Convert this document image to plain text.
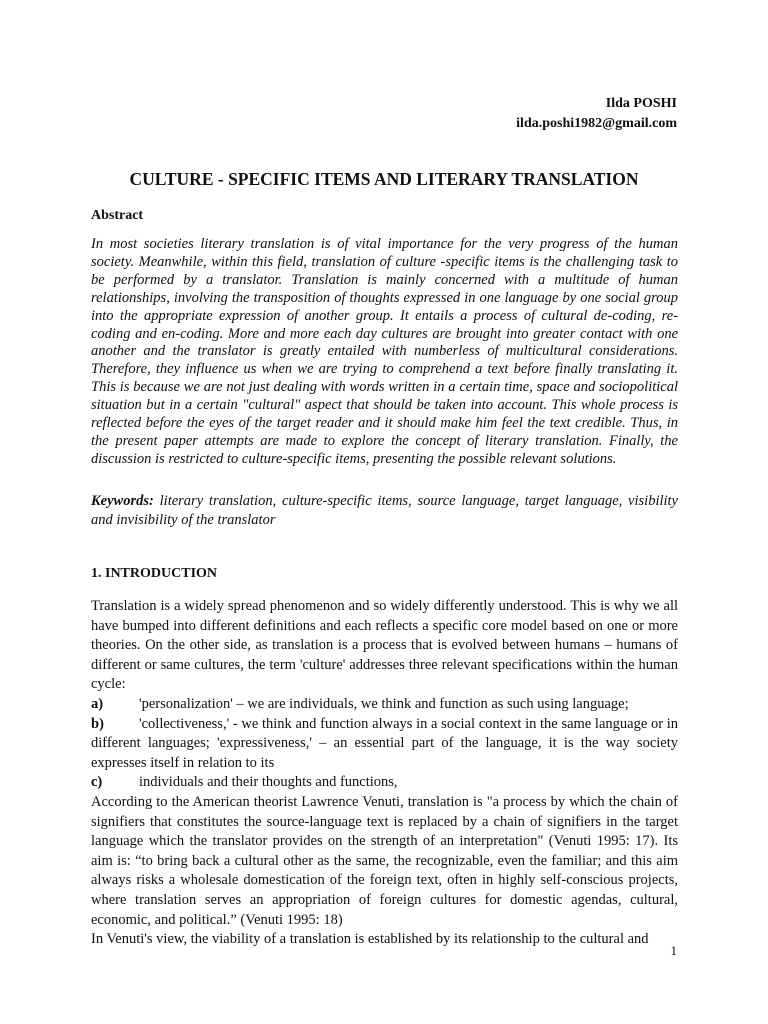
Ilda POSHI
ilda.poshi1982@gmail.com
CULTURE - SPECIFIC ITEMS AND LITERARY TRANSLATION
Abstract

In most societies literary translation is of vital importance for the very progress of the human society. Meanwhile, within this field, translation of culture -specific items is the challenging task to be performed by a translator. Translation is mainly concerned with a multitude of human relationships, involving the transposition of thoughts expressed in one language by one social group into the appropriate expression of another group. It entails a process of cultural de-coding, re-coding and en-coding. More and more each day cultures are brought into greater contact with one another and the translator is greatly entailed with numberless of multicultural considerations. Therefore, they influence us when we are trying to comprehend a text before finally translating it. This is because we are not just dealing with words written in a certain time, space and sociopolitical situation but in a certain "cultural" aspect that should be taken into account. This whole process is reflected before the eyes of the target reader and it should make him feel the text credible. Thus, in the present paper attempts are made to explore the concept of literary translation. Finally, the discussion is restricted to culture-specific items, presenting the possible relevant solutions.

Keywords: literary translation, culture-specific items, source language, target language, visibility and invisibility of the translator

1. INTRODUCTION
Translation is a widely spread phenomenon and so widely differently understood. This is why we all have bumped into different definitions and each reflects a specific core model based on one or more theories. On the other side, as translation is a process that is evolved between humans – humans of different or same cultures, the term 'culture' addresses three relevant specifications within the human cycle:
a) 'personalization' – we are individuals, we think and function as such using language;
b) 'collectiveness,' - we think and function always in a social context in the same language or in different languages; 'expressiveness,' – an essential part of the language, it is the way society expresses itself in relation to its
c)	individuals and their thoughts and functions,
According to the American theorist Lawrence Venuti, translation is "a process by which the chain of signifiers that constitutes the source-language text is replaced by a chain of signifiers in the target language which the translator provides on the strength of an interpretation" (Venuti 1995: 17). Its aim is: “to bring back a cultural other as the same, the recognizable, even the familiar; and this aim always risks a wholesale domestication of the foreign text, often in highly self-conscious projects, where translation serves an appropriation of foreign cultures for domestic agendas, cultural, economic, and political.” (Venuti 1995: 18)
In Venuti's view, the viability of a translation is established by its relationship to the cultural and
1
